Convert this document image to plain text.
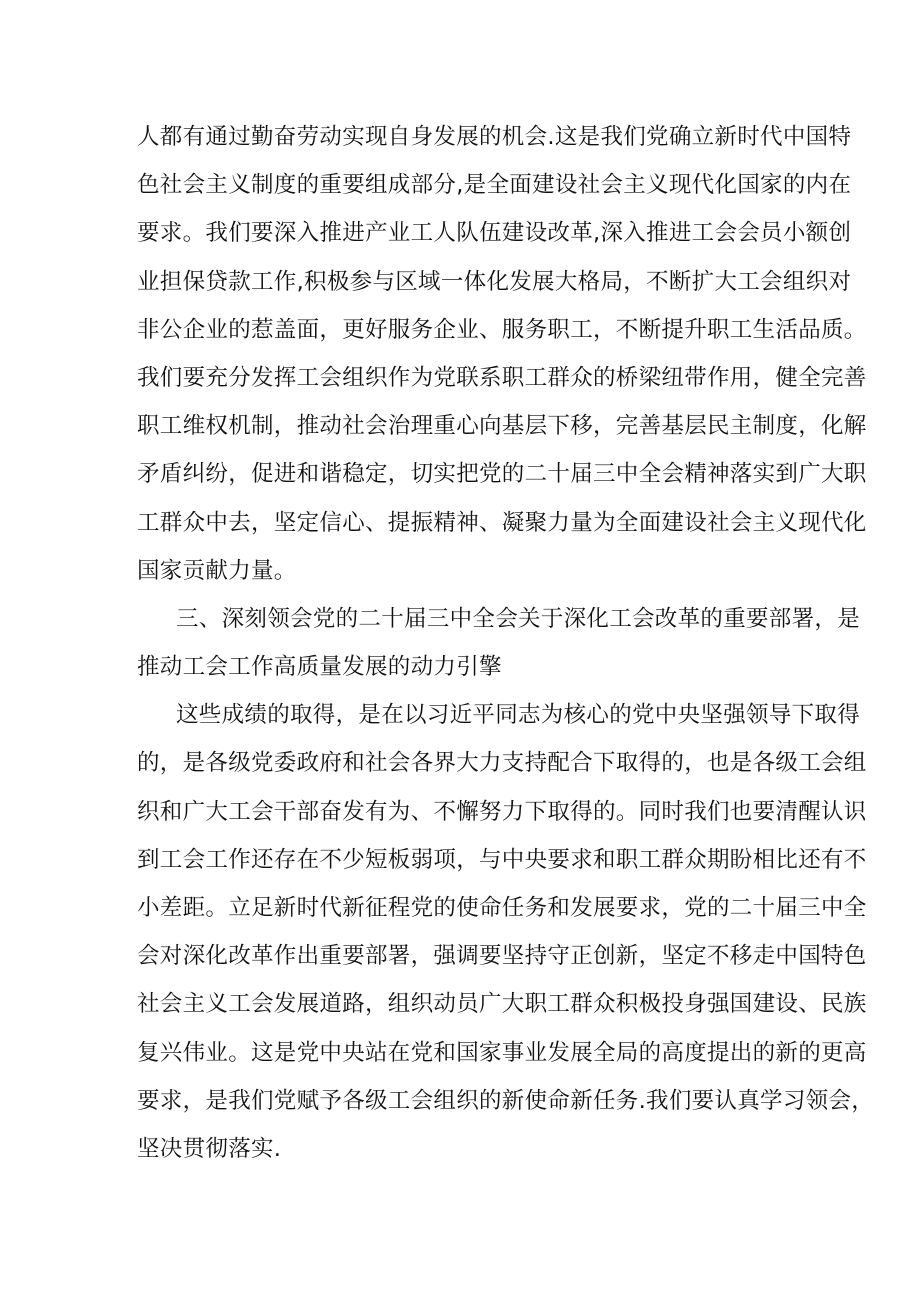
人都有通过勤奋劳动实现自身发展的机会.这是我们党确立新时代中国特
色社会主义制度的重要组成部分,是全面建设社会主义现代化国家的内在
要求。我们要深入推进产业工人队伍建设改革,深入推进工会会员小额创
业担保贷款工作,积极参与区域一体化发展大格局，不断扩大工会组织对
非公企业的惹盖面，更好服务企业、服务职工，不断提升职工生活品质。
我们要充分发挥工会组织作为党联系职工群众的桥梁纽带作用，健全完善
职工维权机制，推动社会治理重心向基层下移，完善基层民主制度，化解
矛盾纠纷，促进和谐稳定，切实把党的二十届三中全会精神落实到广大职
工群众中去，坚定信心、提振精神、凝聚力量为全面建设社会主义现代化
国家贡献力量。
三、深刻领会党的二十届三中全会关于深化工会改革的重要部署，是
推动工会工作高质量发展的动力引擎
这些成绩的取得，是在以习近平同志为核心的党中央坚强领导下取得
的，是各级党委政府和社会各界大力支持配合下取得的，也是各级工会组
织和广大工会干部奋发有为、不懈努力下取得的。同时我们也要清醒认识
到工会工作还存在不少短板弱项，与中央要求和职工群众期盼相比还有不
小差距。立足新时代新征程党的使命任务和发展要求，党的二十届三中全
会对深化改革作出重要部署，强调要坚持守正创新，坚定不移走中国特色
社会主义工会发展道路，组织动员广大职工群众积极投身强国建设、民族
复兴伟业。这是党中央站在党和国家事业发展全局的高度提出的新的更高
要求，是我们党赋予各级工会组织的新使命新任务.我们要认真学习领会，
坚决贯彻落实.
